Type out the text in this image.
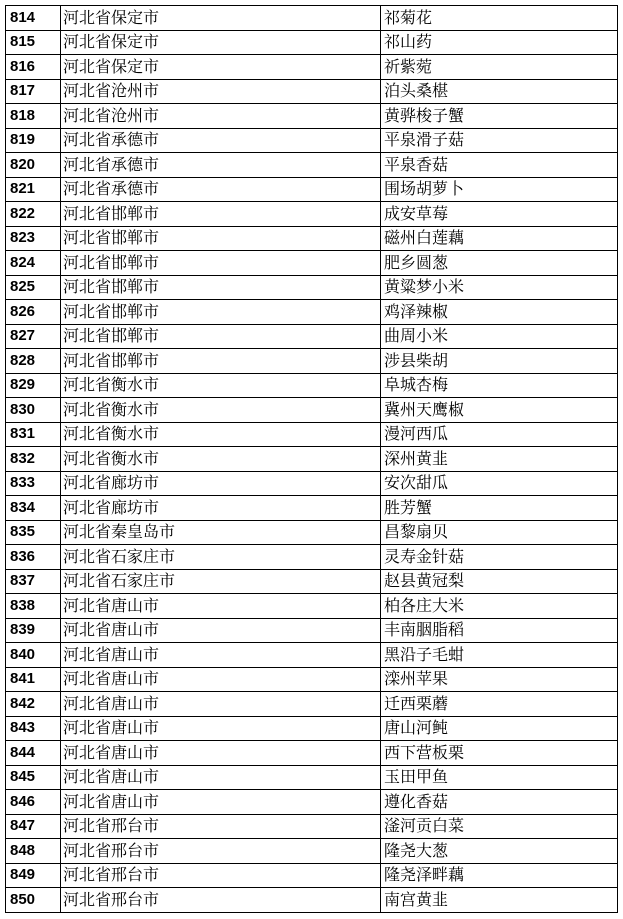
814	河北省保定市	祁菊花
815	河北省保定市	祁山药
816	河北省保定市	祈紫菀
817	河北省沧州市	泊头桑椹
818	河北省沧州市	黄骅梭子蟹
819	河北省承德市	平泉滑子菇
820	河北省承德市	平泉香菇
821	河北省承德市	围场胡萝卜
822	河北省邯郸市	成安草莓
823	河北省邯郸市	磁州白莲藕
824	河北省邯郸市	肥乡圆葱
825	河北省邯郸市	黄粱梦小米
826	河北省邯郸市	鸡泽辣椒
827	河北省邯郸市	曲周小米
828	河北省邯郸市	涉县柴胡
829	河北省衡水市	阜城杏梅
830	河北省衡水市	冀州天鹰椒
831	河北省衡水市	漫河西瓜
832	河北省衡水市	深州黄韭
833	河北省廊坊市	安次甜瓜
834	河北省廊坊市	胜芳蟹
835	河北省秦皇岛市	昌黎扇贝
836	河北省石家庄市	灵寿金针菇
837	河北省石家庄市	赵县黄冠梨
838	河北省唐山市	柏各庄大米
839	河北省唐山市	丰南胭脂稻
840	河北省唐山市	黑沿子毛蚶
841	河北省唐山市	滦州苹果
842	河北省唐山市	迁西栗蘑
843	河北省唐山市	唐山河鲀
844	河北省唐山市	西下营板栗
845	河北省唐山市	玉田甲鱼
846	河北省唐山市	遵化香菇
847	河北省邢台市	滏河贡白菜
848	河北省邢台市	隆尧大葱
849	河北省邢台市	隆尧泽畔藕
850	河北省邢台市	南宫黄韭
